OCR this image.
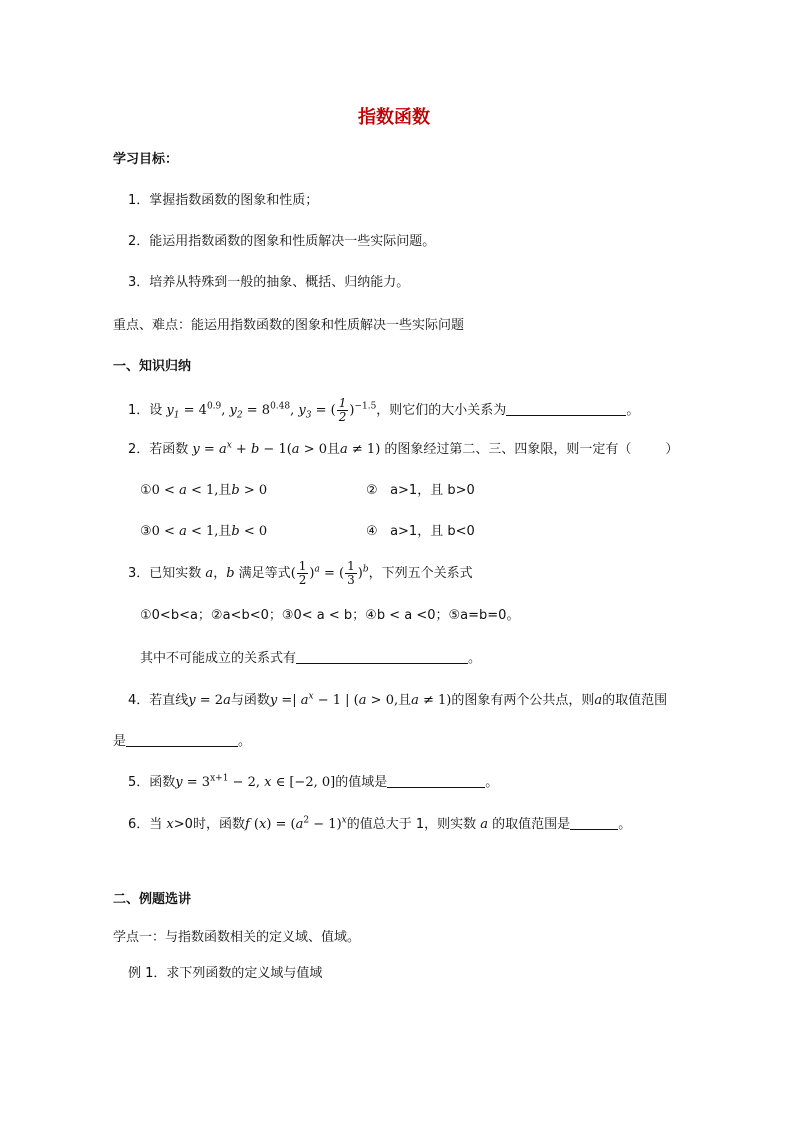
指数函数
学习目标：
1．掌握指数函数的图象和性质；
2．能运用指数函数的图象和性质解决一些实际问题。
3．培养从特殊到一般的抽象、概括、归纳能力。
重点、难点：能运用指数函数的图象和性质解决一些实际问题
一、知识归纳
1．设 $y_1 = 4^{0.9}$, $y_2 = 8^{0.48}$, $y_3$ = ( $\frac{1}{2} )^{-1.5}$，则它们的大小关系为	。
2．若函数 $y = a^x + b - 1(a > 0$且a ≠ 1) 的图象经过第二、三、四象限，则一定有（	）
①0 < a < 1,且b > 0	② a>1，且 b>0
③0 < a < 1,且b < 0	④ a>1，且 b<0
3．已知实数 a，b 满足等式( $\frac{1}{2} )^a$ = ( $\frac{1}{3} )^b$，下列五个关系式
①0<b<a；②a<b<0；③0< a < b；④b < a <0；⑤a=b=0。
其中不可能成立的关系式有	。
4．若直线y = 2a与函数y =| $a^x - 1$ | (a > 0,且a ≠ 1)的图象有两个公共点，则a的取值范围
是	。
5．函数$y = 3^{x+1} - 2$, x ∈ [−2, 0]的值域是	。
6．当 x>0时，函数f $(x) = (a^2 - 1)^x$的值总大于 1，则实数 a 的取值范围是	。
二、例题选讲
学点一：与指数函数相关的定义域、值域。
例 1．求下列函数的定义域与值域
